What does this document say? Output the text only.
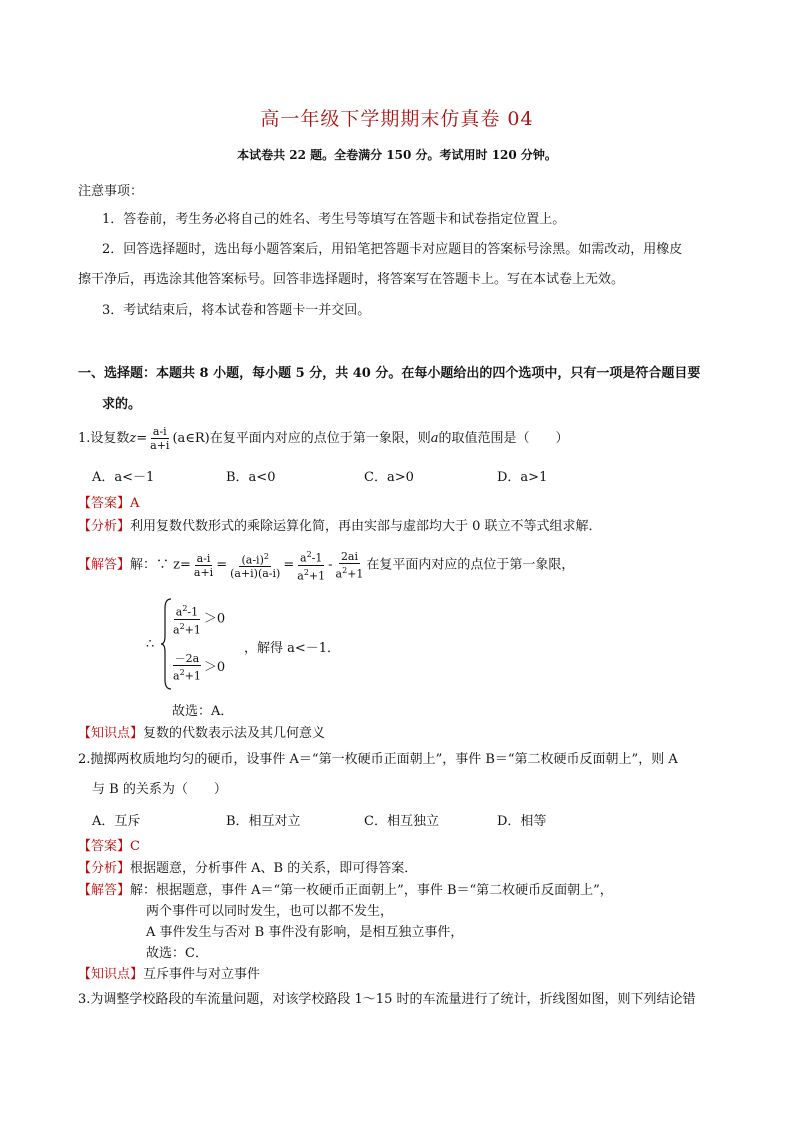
高一年级下学期期末仿真卷 04
本试卷共 22 题。全卷满分 150 分。考试用时 120 分钟。
注意事项：
1．答卷前，考生务必将自己的姓名、考生号等填写在答题卡和试卷指定位置上。
2．回答选择题时，选出每小题答案后，用铅笔把答题卡对应题目的答案标号涂黑。如需改动，用橡皮
擦干净后，再选涂其他答案标号。回答非选择题时，将答案写在答题卡上。写在本试卷上无效。
3．考试结束后，将本试卷和答题卡一并交回。
一、选择题：本题共 8 小题，每小题 5 分，共 40 分。在每小题给出的四个选项中，只有一项是符合题目要
求的。
1.设复数$z= \frac{a-i}{a+i}$ (a∈R)在复平面内对应的点位于第一象限，则a的取值范围是（　　）
A．a<－1	B．a<0	C．a>0	D．a>1
【答案】A
【分析】利用复数代数形式的乘除运算化简，再由实部与虚部均大于 0 联立不等式组求解．
【解答】解：∵ $z= \frac{a-i}{a+i} = \frac{(a-i)^2}{(a+i)(a-i)} = \frac{a^2-1}{a^2+1} - \frac{2ai}{a^2+1}$ 在复平面内对应的点位于第一象限，
∴
$\frac{a^2-1}{a^2+1} >0$
，解得 a<－1．
$\frac{-2a}{a^2+1} >0$
故选：A．
【知识点】复数的代数表示法及其几何意义
2.抛掷两枚质地均匀的硬币，设事件 A＝“第一枚硬币正面朝上”，事件 B＝“第二枚硬币反面朝上”，则 A
与 B 的关系为（　　）
A．互斥	B．相互对立	C．相互独立	D．相等
【答案】C
【分析】根据题意，分析事件 A、B 的关系，即可得答案．
【解答】解：根据题意，事件 A＝“第一枚硬币正面朝上”，事件 B＝“第二枚硬币反面朝上”，
两个事件可以同时发生，也可以都不发生，
A 事件发生与否对 B 事件没有影响，是相互独立事件，
故选：C．
【知识点】互斥事件与对立事件
3.为调整学校路段的车流量问题，对该学校路段 1～15 时的车流量进行了统计，折线图如图，则下列结论错
